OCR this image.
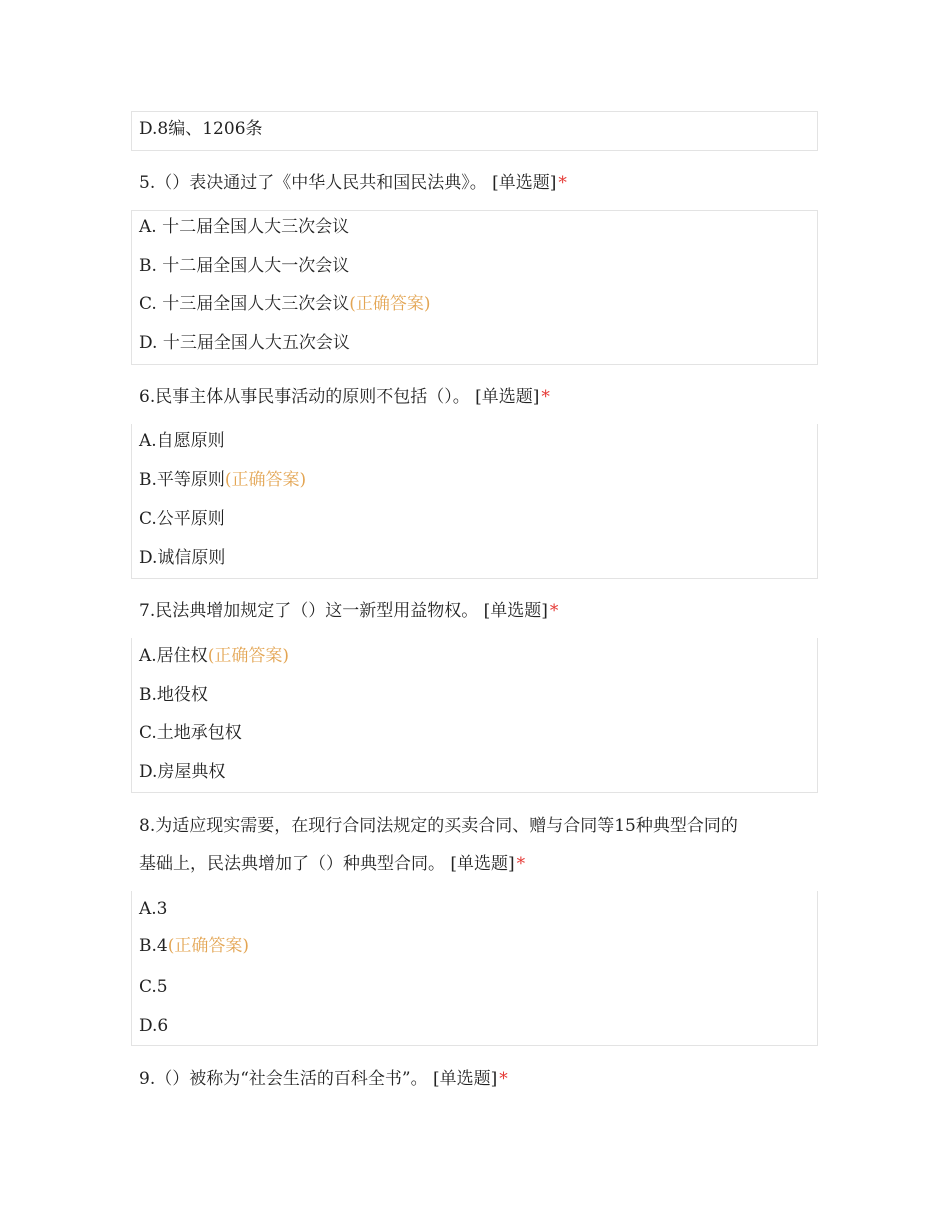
D.8编、1206条
5.（）表决通过了《中华人民共和国民法典》。 [单选题] *
A. 十二届全国人大三次会议
B. 十二届全国人大一次会议
C. 十三届全国人大三次会议(正确答案)
D. 十三届全国人大五次会议
6.民事主体从事民事活动的原则不包括（）。 [单选题] *
A.自愿原则
B.平等原则(正确答案)
C.公平原则
D.诚信原则
7.民法典增加规定了（）这一新型用益物权。 [单选题] *
A.居住权(正确答案)
B.地役权
C.土地承包权
D.房屋典权
8.为适应现实需要，在现行合同法规定的买卖合同、赠与合同等15种典型合同的
基础上，民法典增加了（）种典型合同。 [单选题] *
A.3
B.4(正确答案)
C.5
D.6
9.（）被称为“社会生活的百科全书”。 [单选题] *
